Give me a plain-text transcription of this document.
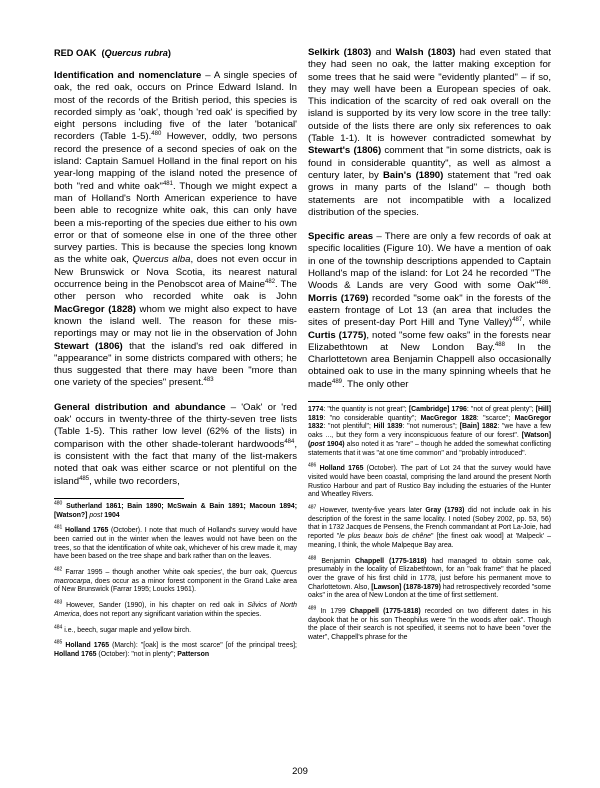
RED OAK  (Quercus rubra)

Identification and nomenclature – A single species of oak, the red oak, occurs on Prince Edward Island. In most of the records of the British period, this species is recorded simply as 'oak', though 'red oak' is specified by eight persons including five of the later 'botanical' recorders (Table 1-5).$^{480}$ However, oddly, two persons record the presence of a second species of oak on the island: Captain Samuel Holland in the final report on his year-long mapping of the island noted the presence of both "red and white oak"$^{481}$. Though we might expect a man of Holland's North American experience to have been able to recognize white oak, this can only have been a mis-reporting of the species due either to his own error or that of someone else in one of the three other survey parties. This is because the species long known as the white oak, Quercus alba, does not even occur in New Brunswick or Nova Scotia, its nearest natural occurrence being in the Penobscot area of Maine$^{482}$. The other person who recorded white oak is John MacGregor (1828) whom we might also expect to have known the island well. The reason for these mis-reportings may or may not lie in the observation of John Stewart (1806) that the island's red oak differed in "appearance" in some districts compared with others; he thus suggested that there may have been "more than one variety of the species" present.$^{483}$

General distribution and abundance – 'Oak' or 'red oak' occurs in twenty-three of the thirty-seven tree lists (Table 1-5). This rather low level (62% of the lists) in comparison with the other shade-tolerant hardwoods$^{484}$, is consistent with the fact that many of the list-makers noted that oak was either scarce or not plentiful on the island$^{485}$, while two recorders,

$^{480}$ Sutherland 1861; Bain 1890; McSwain & Bain 1891; Macoun 1894; [Watson?] post 1904

$^{481}$ Holland 1765 (October). I note that much of Holland's survey would have been carried out in the winter when the leaves would not have been on the trees, so that the identification of white oak, whichever of his crew made it, may have been based on the tree shape and bark rather than on the leaves.

$^{482}$ Farrar 1995 – though another 'white oak species', the burr oak, Quercus macrocarpa, does occur as a minor forest component in the Grand Lake area of New Brunswick (Farrar 1995; Loucks 1961).

$^{483}$ However, Sander (1990), in his chapter on red oak in Silvics of North America, does not report any significant variation within the species.

$^{484}$ i.e., beech, sugar maple and yellow birch.

$^{485}$ Holland 1765 (March): "[oak] is the most scarce" [of the principal trees]; Holland 1765 (October): "not in plenty"; Patterson

Selkirk (1803) and Walsh (1803) had even stated that they had seen no oak, the latter making exception for some trees that he said were "evidently planted" – if so, they may well have been a European species of oak. This indication of the scarcity of red oak overall on the island is supported by its very low score in the tree tally: outside of the lists there are only six references to oak (Table 1-1). It is however contradicted somewhat by Stewart's (1806) comment that "in some districts, oak is found in considerable quantity", as well as almost a century later, by Bain's (1890) statement that "red oak grows in many parts of the Island" – though both statements are not incompatible with a localized distribution of the species.

Specific areas – There are only a few records of oak at specific localities (Figure 10). We have a mention of oak in one of the township descriptions appended to Captain Holland's map of the island: for Lot 24 he recorded "The Woods & Lands are very Good with some Oak"$^{486}$. Morris (1769) recorded "some oak" in the forests of the eastern frontage of Lot 13 (an area that includes the sites of present-day Port Hill and Tyne Valley)$^{487}$, while Curtis (1775), noted "some few oaks" in the forests near Elizabethtown at New London Bay.$^{488}$ In the Charlottetown area Benjamin Chappell also occasionally obtained oak to use in the many spinning wheels that he made$^{489}$. The only other

1774: "the quantity is not great"; [Cambridge] 1796: "not of great plenty"; [Hill] 1819: "no considerable quantity"; MacGregor 1828: "scarce"; MacGregor 1832: "not plentiful"; Hill 1839: "not numerous"; [Bain] 1882: "we have a few oaks ..., but they form a very inconspicuous feature of our forest". [Watson] (post 1904) also noted it as "rare" – though he added the somewhat conflicting statements that it was "at one time common" and "probably introduced".

$^{486}$ Holland 1765 (October). The part of Lot 24 that the survey would have visited would have been coastal, comprising the land around the present North Rustico Harbour and part of Rustico Bay including the estuaries of the Hunter and Wheatley Rivers.

$^{487}$ However, twenty-five years later Gray (1793) did not include oak in his description of the forest in the same locality. I noted (Sobey 2002, pp. 53, 56) that in 1732 Jacques de Pensens, the French commandant at Port La-Joie, had reported "le plus beaux bois de chêne" [the finest oak wood] at 'Malpeck' – meaning, I think, the whole Malpeque Bay area.

$^{488}$ Benjamin Chappell (1775-1818) had managed to obtain some oak, presumably in the locality of Elizabethtown, for an "oak frame" that he placed over the grave of his first child in 1778, just before his permanent move to Charlottetown. Also, [Lawson] (1878-1879) had retrospectively recorded "some oaks" in the area of New London at the time of first settlement.

$^{489}$ In 1799 Chappell (1775-1818) recorded on two different dates in his daybook that he or his son Theophilus were "in the woods after oak". Though the place of their search is not specified, it seems not to have been "over the water", Chappell's phrase for the

209
